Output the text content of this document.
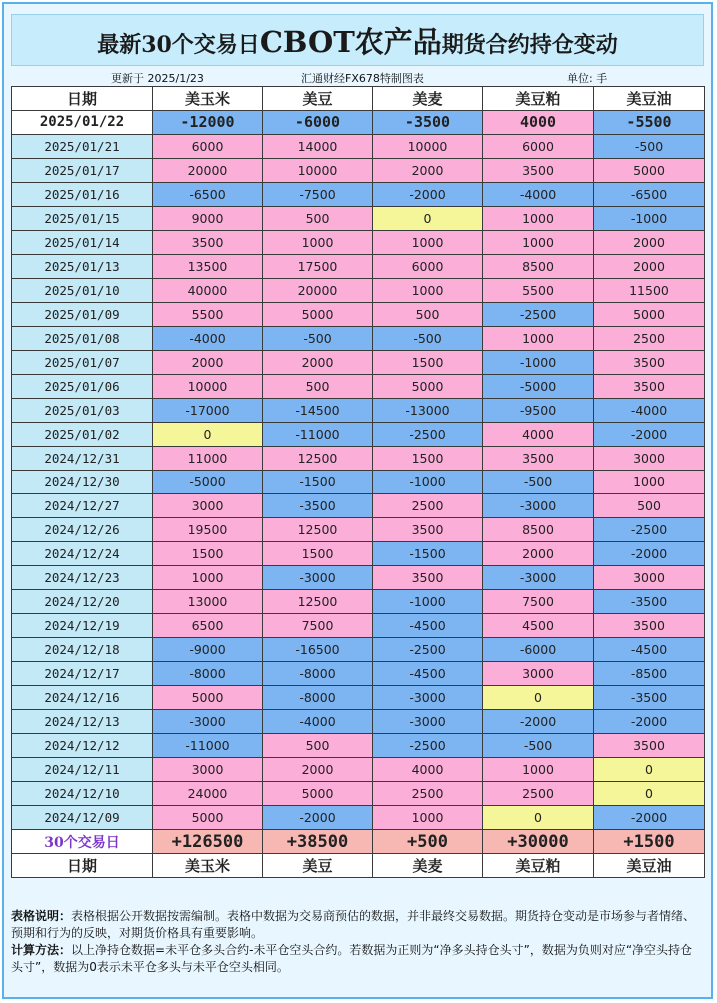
最新30个交易日CBOT农产品期货合约持仓变动
更新于 2025/1/23	汇通财经FX678特制图表	单位: 手
日期	美玉米	美豆	美麦	美豆粕	美豆油
2025/01/22	-12000	-6000	-3500	4000	-5500
2025/01/21	6000	14000	10000	6000	-500
2025/01/17	20000	10000	2000	3500	5000
2025/01/16	-6500	-7500	-2000	-4000	-6500
2025/01/15	9000	500	0	1000	-1000
2025/01/14	3500	1000	1000	1000	2000
2025/01/13	13500	17500	6000	8500	2000
2025/01/10	40000	20000	1000	5500	11500
2025/01/09	5500	5000	500	-2500	5000
2025/01/08	-4000	-500	-500	1000	2500
2025/01/07	2000	2000	1500	-1000	3500
2025/01/06	10000	500	5000	-5000	3500
2025/01/03	-17000	-14500	-13000	-9500	-4000
2025/01/02	0	-11000	-2500	4000	-2000
2024/12/31	11000	12500	1500	3500	3000
2024/12/30	-5000	-1500	-1000	-500	1000
2024/12/27	3000	-3500	2500	-3000	500
2024/12/26	19500	12500	3500	8500	-2500
2024/12/24	1500	1500	-1500	2000	-2000
2024/12/23	1000	-3000	3500	-3000	3000
2024/12/20	13000	12500	-1000	7500	-3500
2024/12/19	6500	7500	-4500	4500	3500
2024/12/18	-9000	-16500	-2500	-6000	-4500
2024/12/17	-8000	-8000	-4500	3000	-8500
2024/12/16	5000	-8000	-3000	0	-3500
2024/12/13	-3000	-4000	-3000	-2000	-2000
2024/12/12	-11000	500	-2500	-500	3500
2024/12/11	3000	2000	4000	1000	0
2024/12/10	24000	5000	2500	2500	0
2024/12/09	5000	-2000	1000	0	-2000
30个交易日	+126500	+38500	+500	+30000	+1500
日期	美玉米	美豆	美麦	美豆粕	美豆油

表格说明：表格根据公开数据按需编制。表格中数据为交易商预估的数据，并非最终交易数据。期货持仓变动是市场参与者情绪、预期和行为的反映，对期货价格具有重要影响。

计算方法：以上净持仓数据=未平仓多头合约-未平仓空头合约。若数据为正则为“净多头持仓头寸”，数据为负则对应“净空头持仓头寸”，数据为0表示未平仓多头与未平仓空头相同。
